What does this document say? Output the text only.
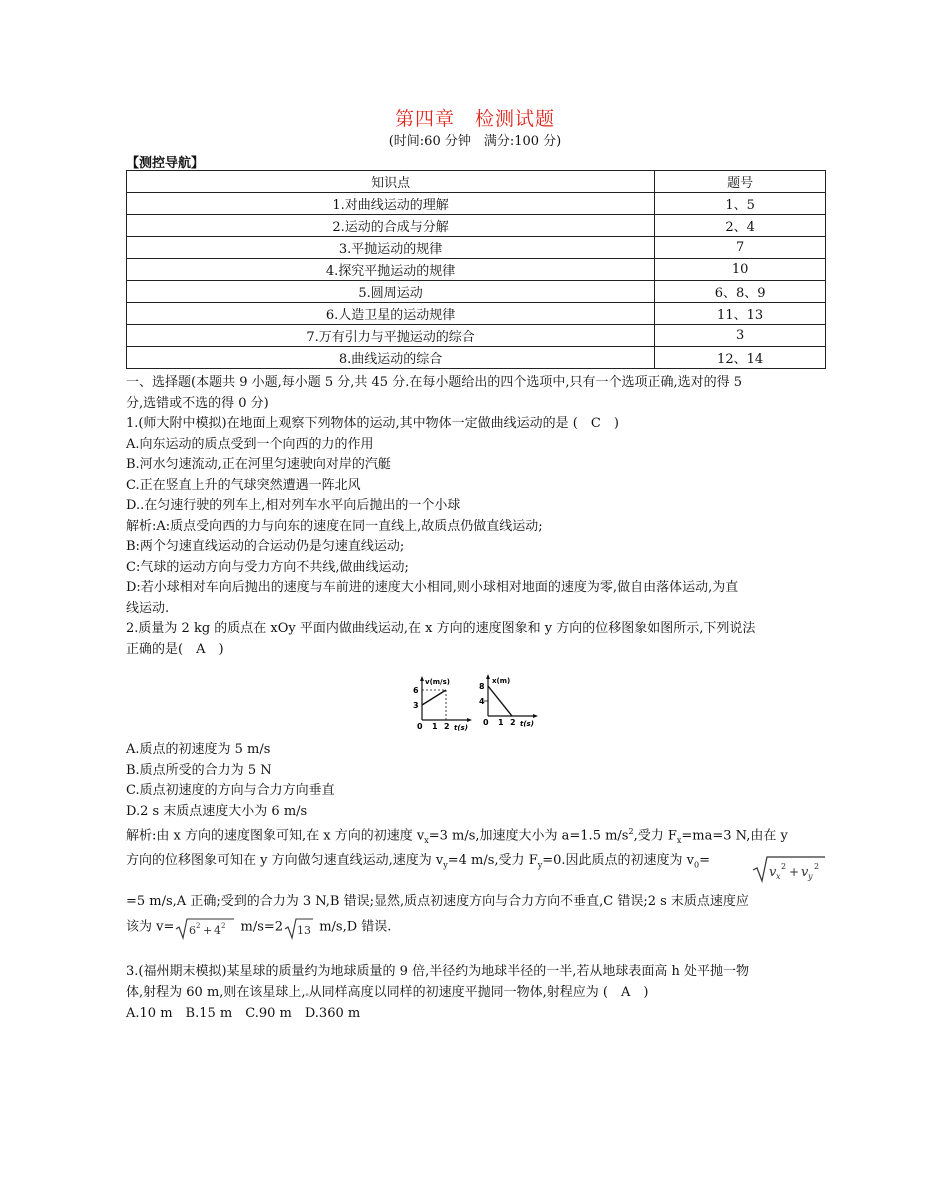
第四章　检测试题
(时间:60 分钟　满分:100 分)
【测控导航】
知识点	题号
1.对曲线运动的理解	1、5
2.运动的合成与分解	2、4
3.平抛运动的规律	7
4.探究平抛运动的规律	10
5.圆周运动	6、8、9
6.人造卫星的运动规律	11、13
7.万有引力与平抛运动的综合	3
8.曲线运动的综合	12、14

一、选择题(本题共 9 小题,每小题 5 分,共 45 分.在每小题给出的四个选项中,只有一个选项正确,选对的得 5

分,选错或不选的得 0 分)

1.(师大附中模拟)在地面上观察下列物体的运动,其中物体一定做曲线运动的是 (　C　)

A.向东运动的质点受到一个向西的力的作用

B.河水匀速流动,正在河里匀速驶向对岸的汽艇

C.正在竖直上升的气球突然遭遇一阵北风

D..在匀速行驶的列车上,相对列车水平向后抛出的一个小球

解析:A:质点受向西的力与向东的速度在同一直线上,故质点仍做直线运动;

B:两个匀速直线运动的合运动仍是匀速直线运动;

C:气球的运动方向与受力方向不共线,做曲线运动;

D:若小球相对车向后抛出的速度与车前进的速度大小相同,则小球相对地面的速度为零,做自由落体运动,为直

线运动.

2.质量为 2 kg 的质点在 xOy 平面内做曲线运动,在 x 方向的速度图象和 y 方向的位移图象如图所示,下列说法

正确的是(　A　)

v(m/s)
6
3
0 1 2 t(s)
x(m)
8
4
0 1 2 t(s)

A.质点的初速度为 5 m/s

B.质点所受的合力为 5 N

C.质点初速度的方向与合力方向垂直

D.2 s 末质点速度大小为 6 m/s

解析:由 x 方向的速度图象可知,在 x 方向的初速度 $v_x=3$ m/s,加速度大小为 a=1.5 $m/s^2$,受力 $F_x=ma=3$ N,由在 y

方向的位移图象可知在 y 方向做匀速直线运动,速度为 $v_y=4$ m/s,受力 $F_y=0$.因此质点的初速度为 $v_0=$

v x
2 + v y
2

=5 m/s,A 正确;受到的合力为 3 N,B 错误;显然,质点初速度方向与合力方向不垂直,C 错误;2 s 末质点速度应

该为 v= 6 2 + 4 2 m/s=2 13 m/s,D 错误.

3.(福州期末模拟)某星球的质量约为地球质量的 9 倍,半径约为地球半径的一半,若从地球表面高 h 处平抛一物

体,射程为 60 m,则在该星球上,ₒ从同样高度以同样的初速度平抛同一物体,射程应为 (　A　)

A.10 m　B.15 m　C.90 m　D.360 m
